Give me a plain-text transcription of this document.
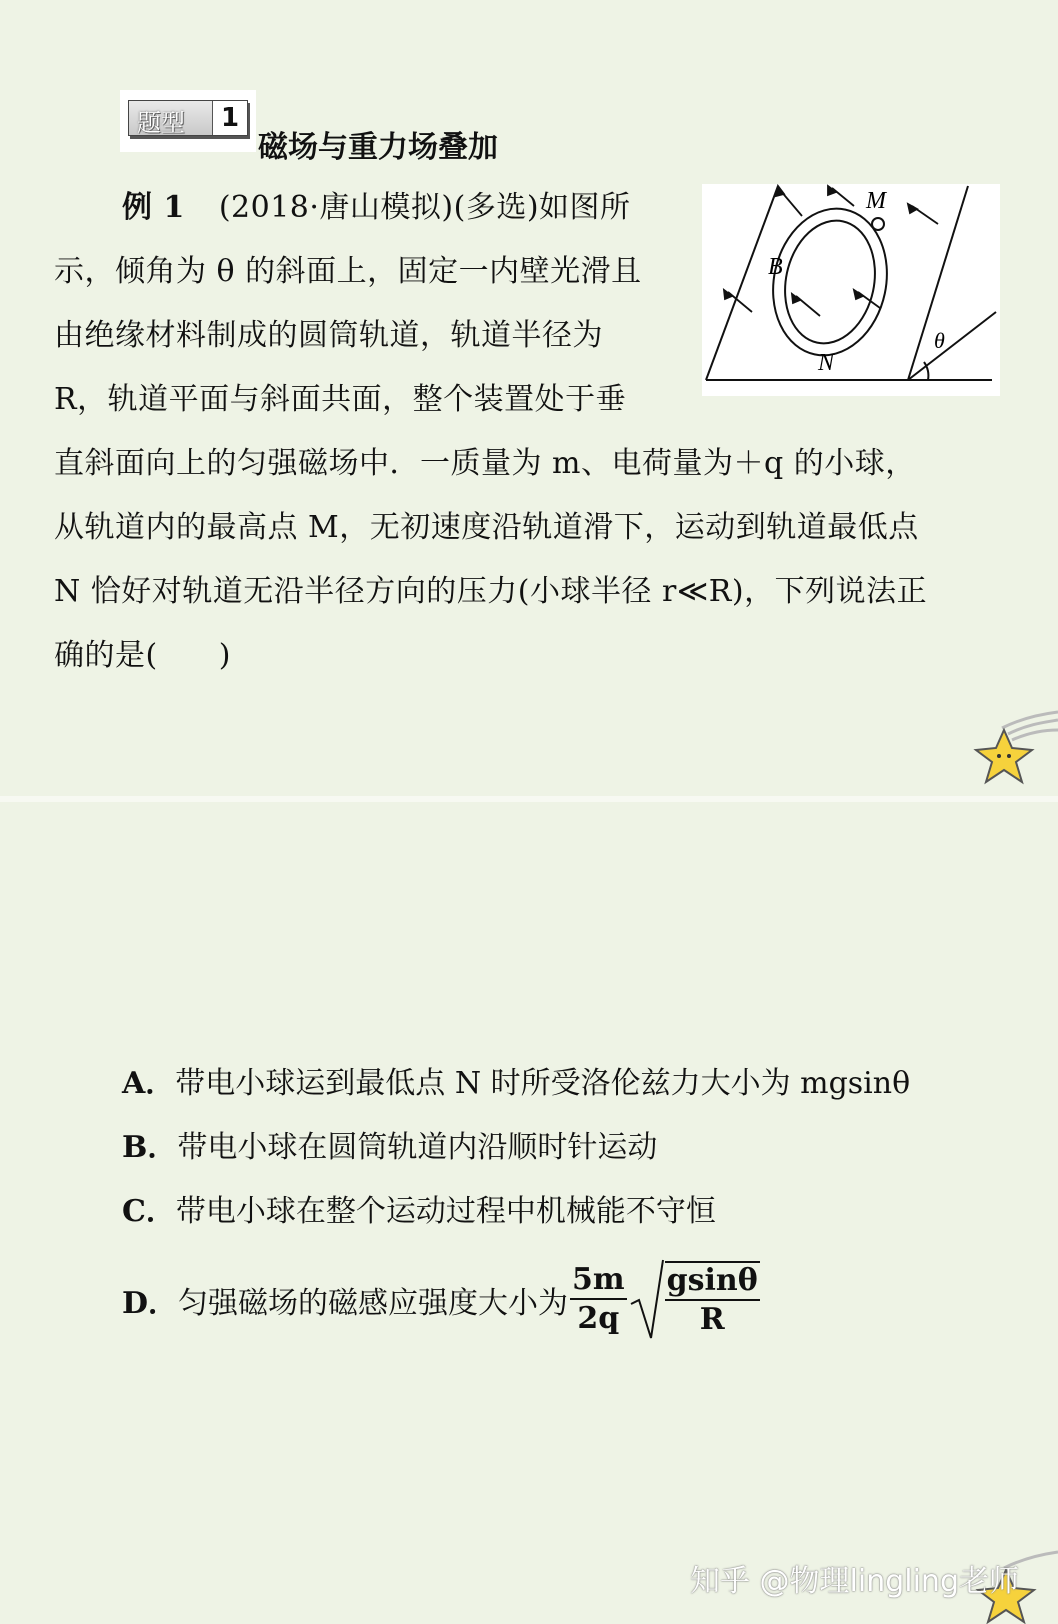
题型	1
磁场与重力场叠加
例 1 (2018·唐山模拟)(多选)如图所
示，倾角为 θ 的斜面上，固定一内壁光滑且
由绝缘材料制成的圆筒轨道，轨道半径为
R，轨道平面与斜面共面，整个装置处于垂
直斜面向上的匀强磁场中．一质量为 m、电荷量为＋q 的小球，
从轨道内的最高点 M，无初速度沿轨道滑下，运动到轨道最低点
N 恰好对轨道无沿半径方向的压力(小球半径 r≪R)，下列说法正
确的是(　　)
M
B
N
θ
A．带电小球运到最低点 N 时所受洛伦兹力大小为 mgsinθ
B．带电小球在圆筒轨道内沿顺时针运动
C．带电小球在整个运动过程中机械能不守恒
D．匀强磁场的磁感应强度大小为 $\frac{5m}{2q} \frac{gsin\theta}{R}$
知乎 @物理lingling老师
